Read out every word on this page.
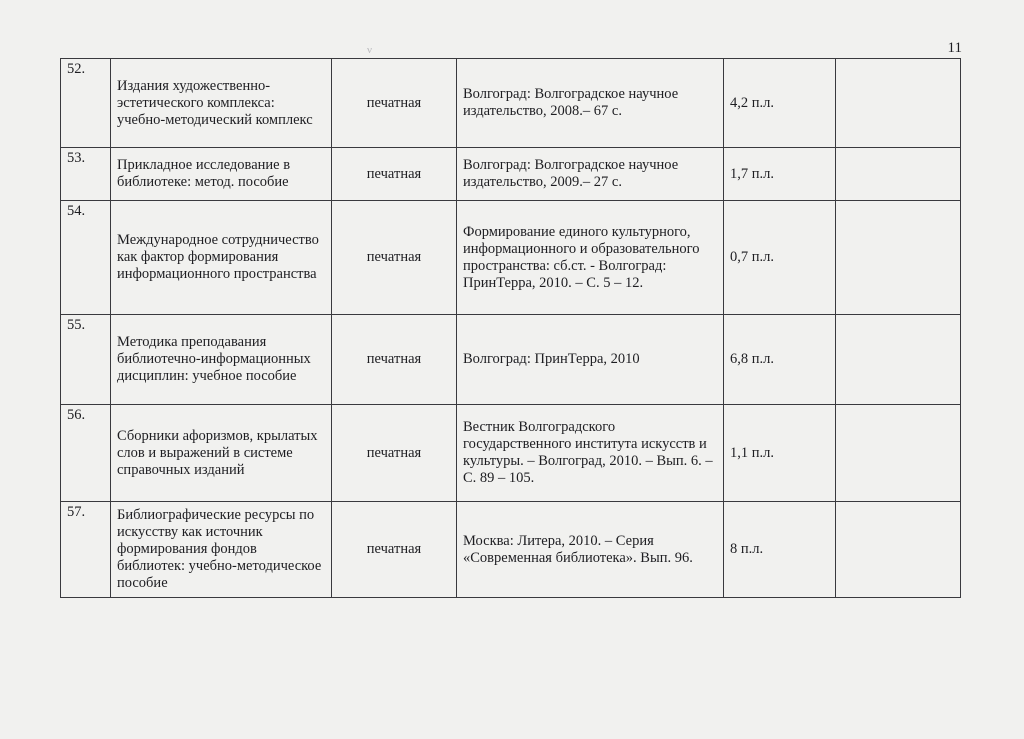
ν	11
52.	Издания художественно-эстетического комплекса: учебно-методический комплекс	печатная	Волгоград: Волгоградское научное издательство, 2008.– 67 с.	4,2 п.л.	
53.	Прикладное исследование в библиотеке: метод. пособие	печатная	Волгоград: Волгоградское научное издательство, 2009.– 27 с.	1,7 п.л.	
54.	Международное сотрудничество как фактор формирования информационного пространства	печатная	Формирование единого культурного, информационного и образовательного пространства: сб.ст. - Волгоград: ПринТерра, 2010. – С. 5 – 12.	0,7 п.л.	
55.	Методика преподавания библиотечно-информационных дисциплин: учебное пособие	печатная	Волгоград: ПринТерра, 2010	6,8 п.л.	
56.	Сборники афоризмов, крылатых слов и выражений в системе справочных изданий	печатная	Вестник Волгоградского государственного института искусств и культуры. – Волгоград, 2010. – Вып. 6. – С. 89 – 105.	1,1 п.л.	
57.	Библиографические ресурсы по искусству как источник формирования фондов библиотек: учебно-методическое пособие	печатная	Москва: Литера, 2010. – Серия «Современная библиотека». Вып. 96.	8 п.л.	
